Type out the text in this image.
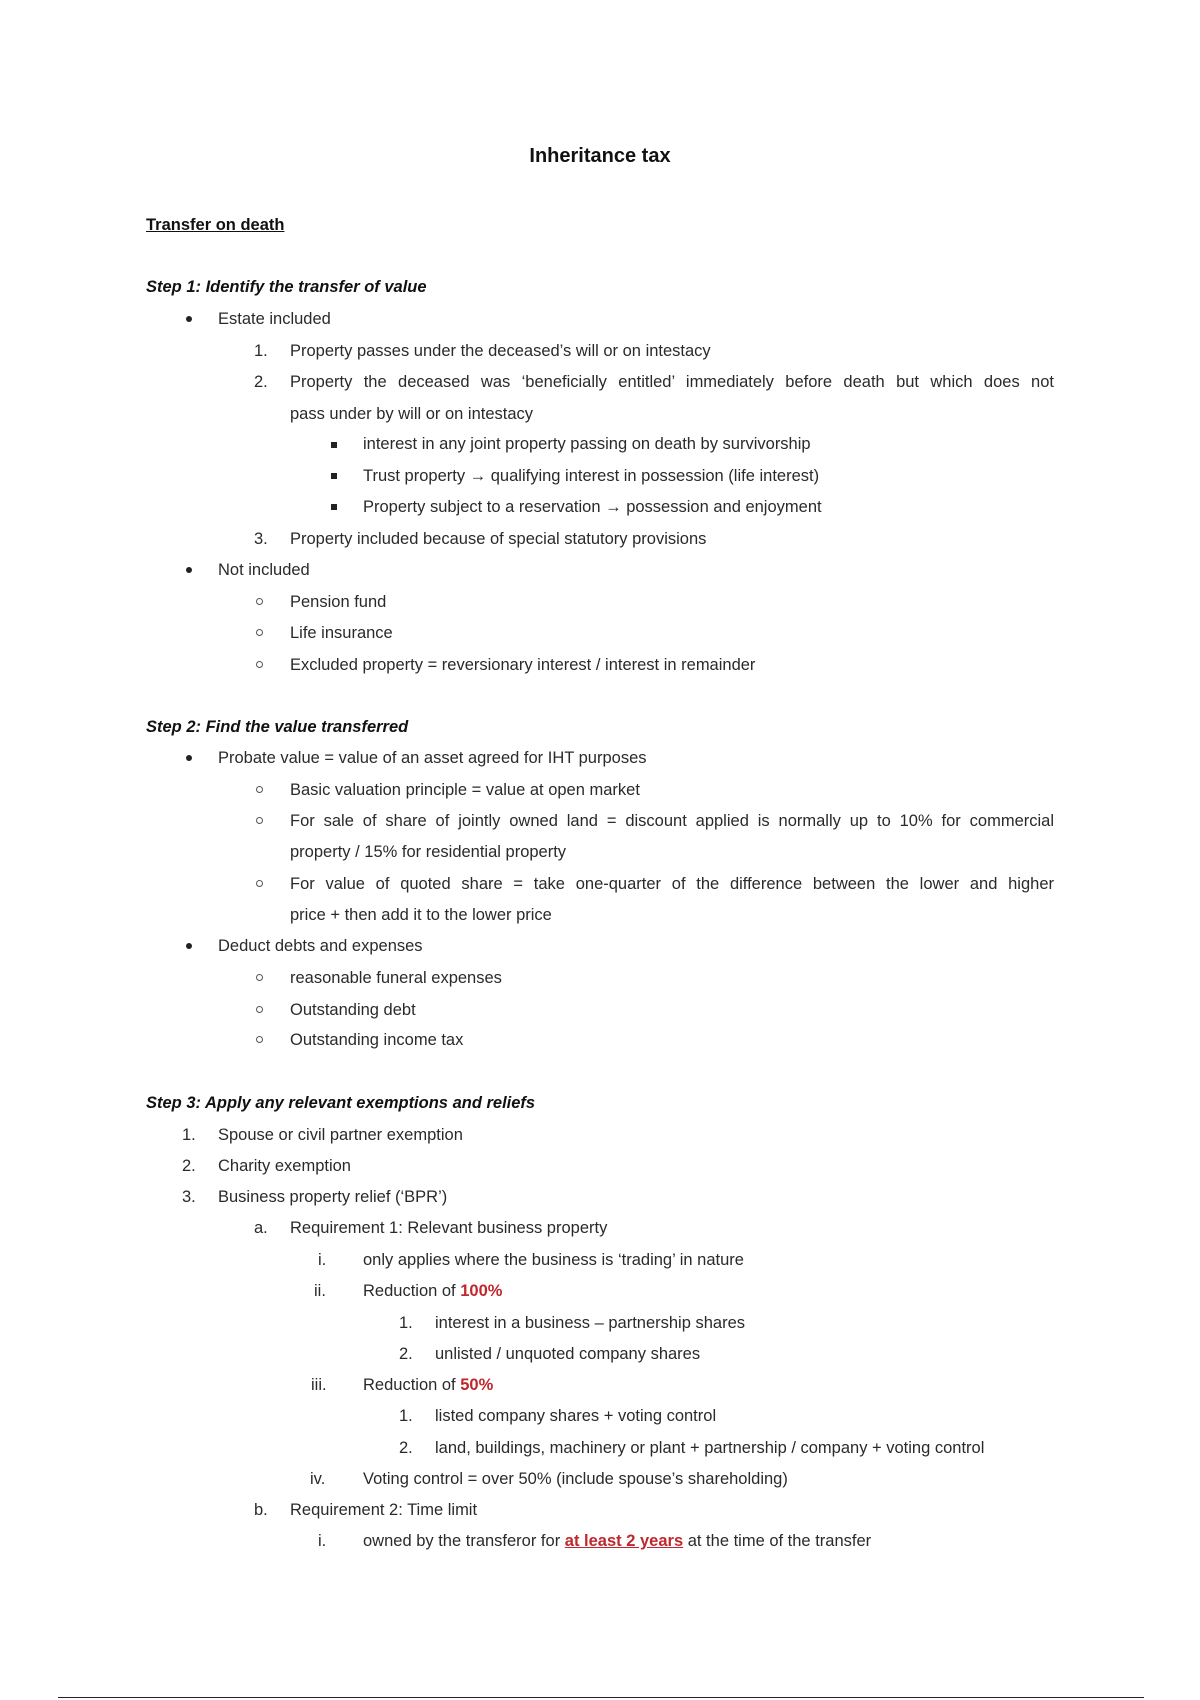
Inheritance tax
Transfer on death
Step 1: Identify the transfer of value
Estate included
1. Property passes under the deceased’s will or on intestacy
2. Property the deceased was ‘beneficially entitled’ immediately before death but which does not
pass under by will or on intestacy
interest in any joint property passing on death by survivorship
Trust property → qualifying interest in possession (life interest)
Property subject to a reservation → possession and enjoyment
3. Property included because of special statutory provisions
Not included
Pension fund
Life insurance
Excluded property = reversionary interest / interest in remainder
Step 2: Find the value transferred
Probate value = value of an asset agreed for IHT purposes
Basic valuation principle = value at open market
For sale of share of jointly owned land = discount applied is normally up to 10% for commercial
property / 15% for residential property
For value of quoted share = take one-quarter of the difference between the lower and higher
price + then add it to the lower price
Deduct debts and expenses
reasonable funeral expenses
Outstanding debt
Outstanding income tax
Step 3: Apply any relevant exemptions and reliefs
1. Spouse or civil partner exemption
2. Charity exemption
3. Business property relief (‘BPR’)
a. Requirement 1: Relevant business property
i. only applies where the business is ‘trading’ in nature
ii. Reduction of 100%
1. interest in a business – partnership shares
2. unlisted / unquoted company shares
iii. Reduction of 50%
1. listed company shares + voting control
2. land, buildings, machinery or plant + partnership / company + voting control
iv. Voting control = over 50% (include spouse’s shareholding)
b. Requirement 2: Time limit
i. owned by the transferor for at least 2 years at the time of the transfer
